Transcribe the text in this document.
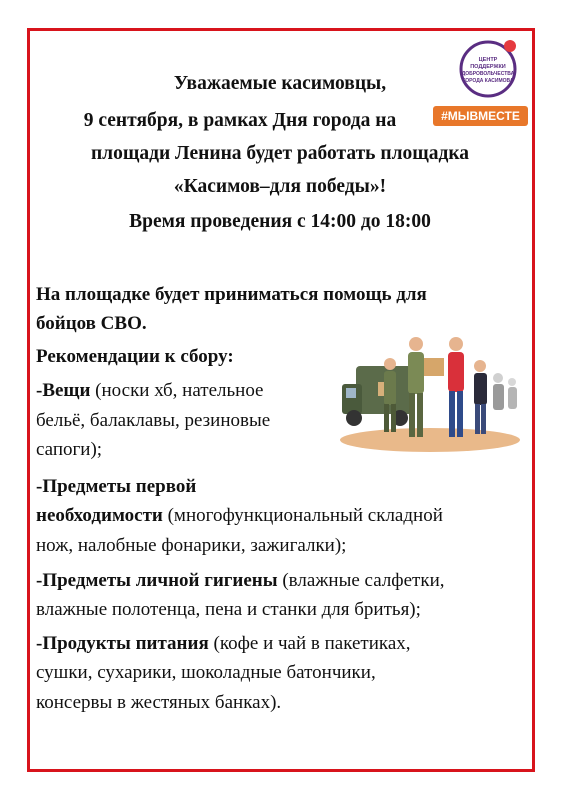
ЦЕНТР
ПОДДЕРЖКИ
ДОБРОВОЛЬЧЕСТВА
ГОРОДА КАСИМОВА
#МЫВМЕСТЕ
Уважаемые касимовцы,
9 сентября, в рамках Дня города на
площади Ленина будет работать площадка
«Касимов–для победы»!
Время проведения с 14:00 до 18:00
На площадке будет приниматься помощь для
бойцов СВО.
Рекомендации к сбору:
-Вещи (носки хб, нательное
бельё, балаклавы, резиновые
сапоги);
-Предметы первой
необходимости (многофункциональный складной
нож, налобные фонарики, зажигалки);
-Предметы личной гигиены (влажные салфетки,
влажные полотенца, пена и станки для бритья);
-Продукты питания (кофе и чай в пакетиках,
сушки, сухарики, шоколадные батончики,
консервы в жестяных банках).
